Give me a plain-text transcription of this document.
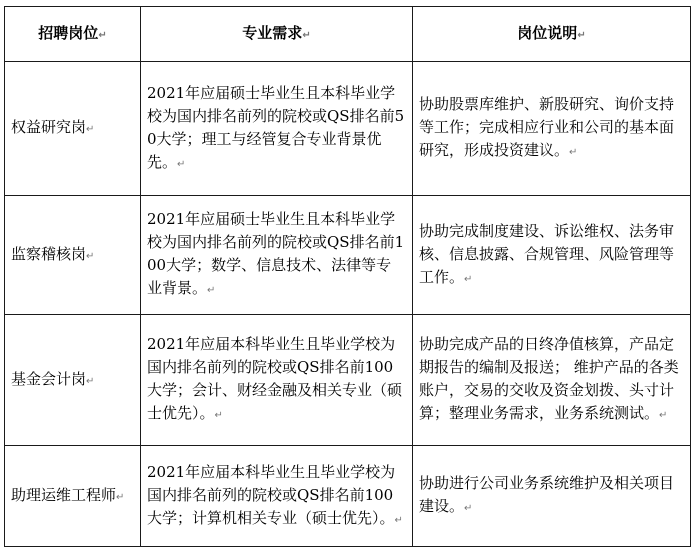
招聘岗位↵	专业需求↵	岗位说明↵
权益研究岗↵	2021年应届硕士毕业生且本科毕业学校为国内排名前列的院校或QS排名前50大学；理工与经管复合专业背景优先。↵	协助股票库维护、新股研究、询价支持等工作；完成相应行业和公司的基本面研究，形成投资建议。↵
监察稽核岗↵	2021年应届硕士毕业生且本科毕业学校为国内排名前列的院校或QS排名前100大学；数学、信息技术、法律等专业背景。↵	协助完成制度建设、诉讼维权、法务审核、信息披露、合规管理、风险管理等工作。↵
基金会计岗↵	2021年应届本科毕业生且毕业学校为国内排名前列的院校或QS排名前100大学；会计、财经金融及相关专业（硕士优先）。↵	协助完成产品的日终净值核算，产品定期报告的编制及报送； 维护产品的各类账户，交易的交收及资金划拨、头寸计算；整理业务需求，业务系统测试。↵
助理运维工程师↵	2021年应届本科毕业生且毕业学校为国内排名前列的院校或QS排名前100大学；计算机相关专业（硕士优先）。↵	协助进行公司业务系统维护及相关项目建设。↵
